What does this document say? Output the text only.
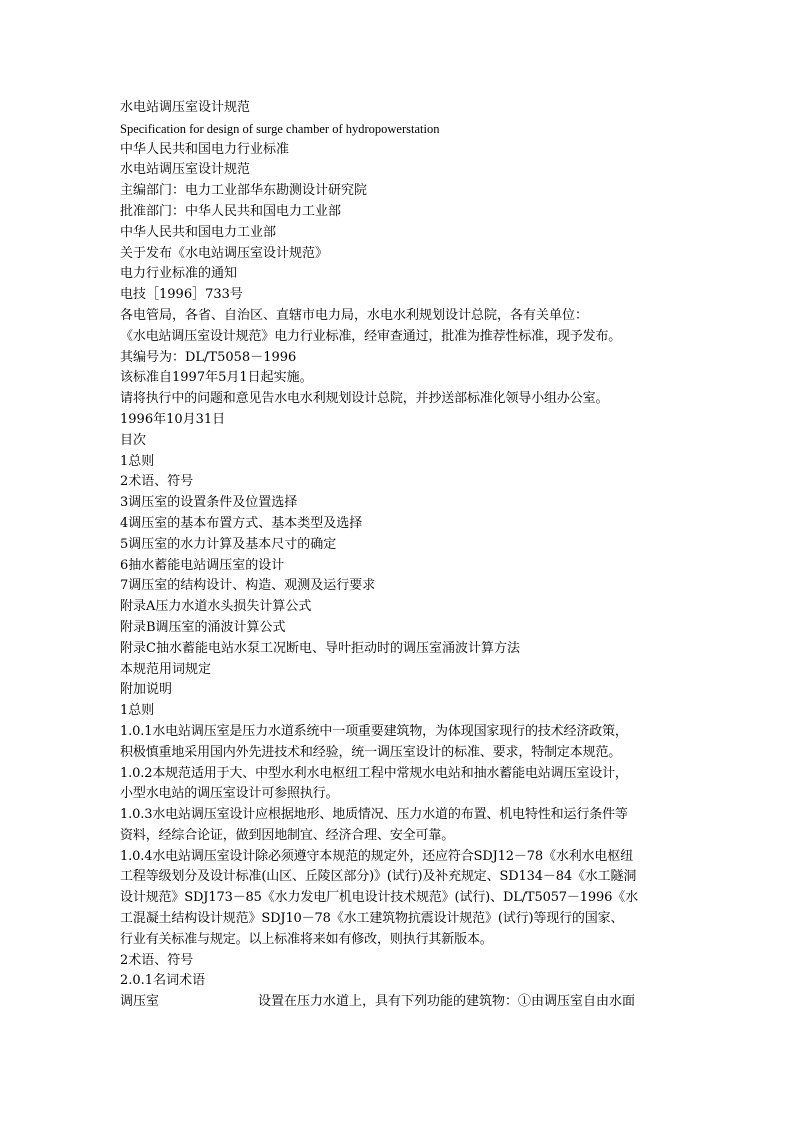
水电站调压室设计规范
Specification for design of surge chamber of hydropowerstation
中华人民共和国电力行业标准
水电站调压室设计规范
主编部门：电力工业部华东勘测设计研究院
批准部门：中华人民共和国电力工业部
中华人民共和国电力工业部
关于发布《水电站调压室设计规范》
电力行业标准的通知
电技［1996］733号
各电管局，各省、自治区、直辖市电力局，水电水利规划设计总院，各有关单位：
《水电站调压室设计规范》电力行业标准，经审查通过，批准为推荐性标准，现予发布。
其编号为：DL/T5058－1996
该标准自1997年5月1日起实施。
请将执行中的问题和意见告水电水利规划设计总院，并抄送部标准化领导小组办公室。
1996年10月31日
目次
1总则
2术语、符号
3调压室的设置条件及位置选择
4调压室的基本布置方式、基本类型及选择
5调压室的水力计算及基本尺寸的确定
6抽水蓄能电站调压室的设计
7调压室的结构设计、构造、观测及运行要求
附录A压力水道水头损失计算公式
附录B调压室的涌波计算公式
附录C抽水蓄能电站水泵工况断电、导叶拒动时的调压室涌波计算方法
本规范用词规定
附加说明
1总则
1.0.1水电站调压室是压力水道系统中一项重要建筑物，为体现国家现行的技术经济政策，
积极慎重地采用国内外先进技术和经验，统一调压室设计的标准、要求，特制定本规范。
1.0.2本规范适用于大、中型水利水电枢纽工程中常规水电站和抽水蓄能电站调压室设计，
小型水电站的调压室设计可参照执行。
1.0.3水电站调压室设计应根据地形、地质情况、压力水道的布置、机电特性和运行条件等
资料，经综合论证，做到因地制宜、经济合理、安全可靠。
1.0.4水电站调压室设计除必须遵守本规范的规定外，还应符合SDJ12－78《水利水电枢纽
工程等级划分及设计标准(山区、丘陵区部分)》(试行)及补充规定、SD134－84《水工隧洞
设计规范》SDJ173－85《水力发电厂机电设计技术规范》(试行)、DL/T5057－1996《水
工混凝土结构设计规范》SDJ10－78《水工建筑物抗震设计规范》(试行)等现行的国家、
行业有关标准与规定。以上标准将来如有修改，则执行其新版本。
2术语、符号
2.0.1名词术语
调压室	设置在压力水道上，具有下列功能的建筑物：①由调压室自由水面
